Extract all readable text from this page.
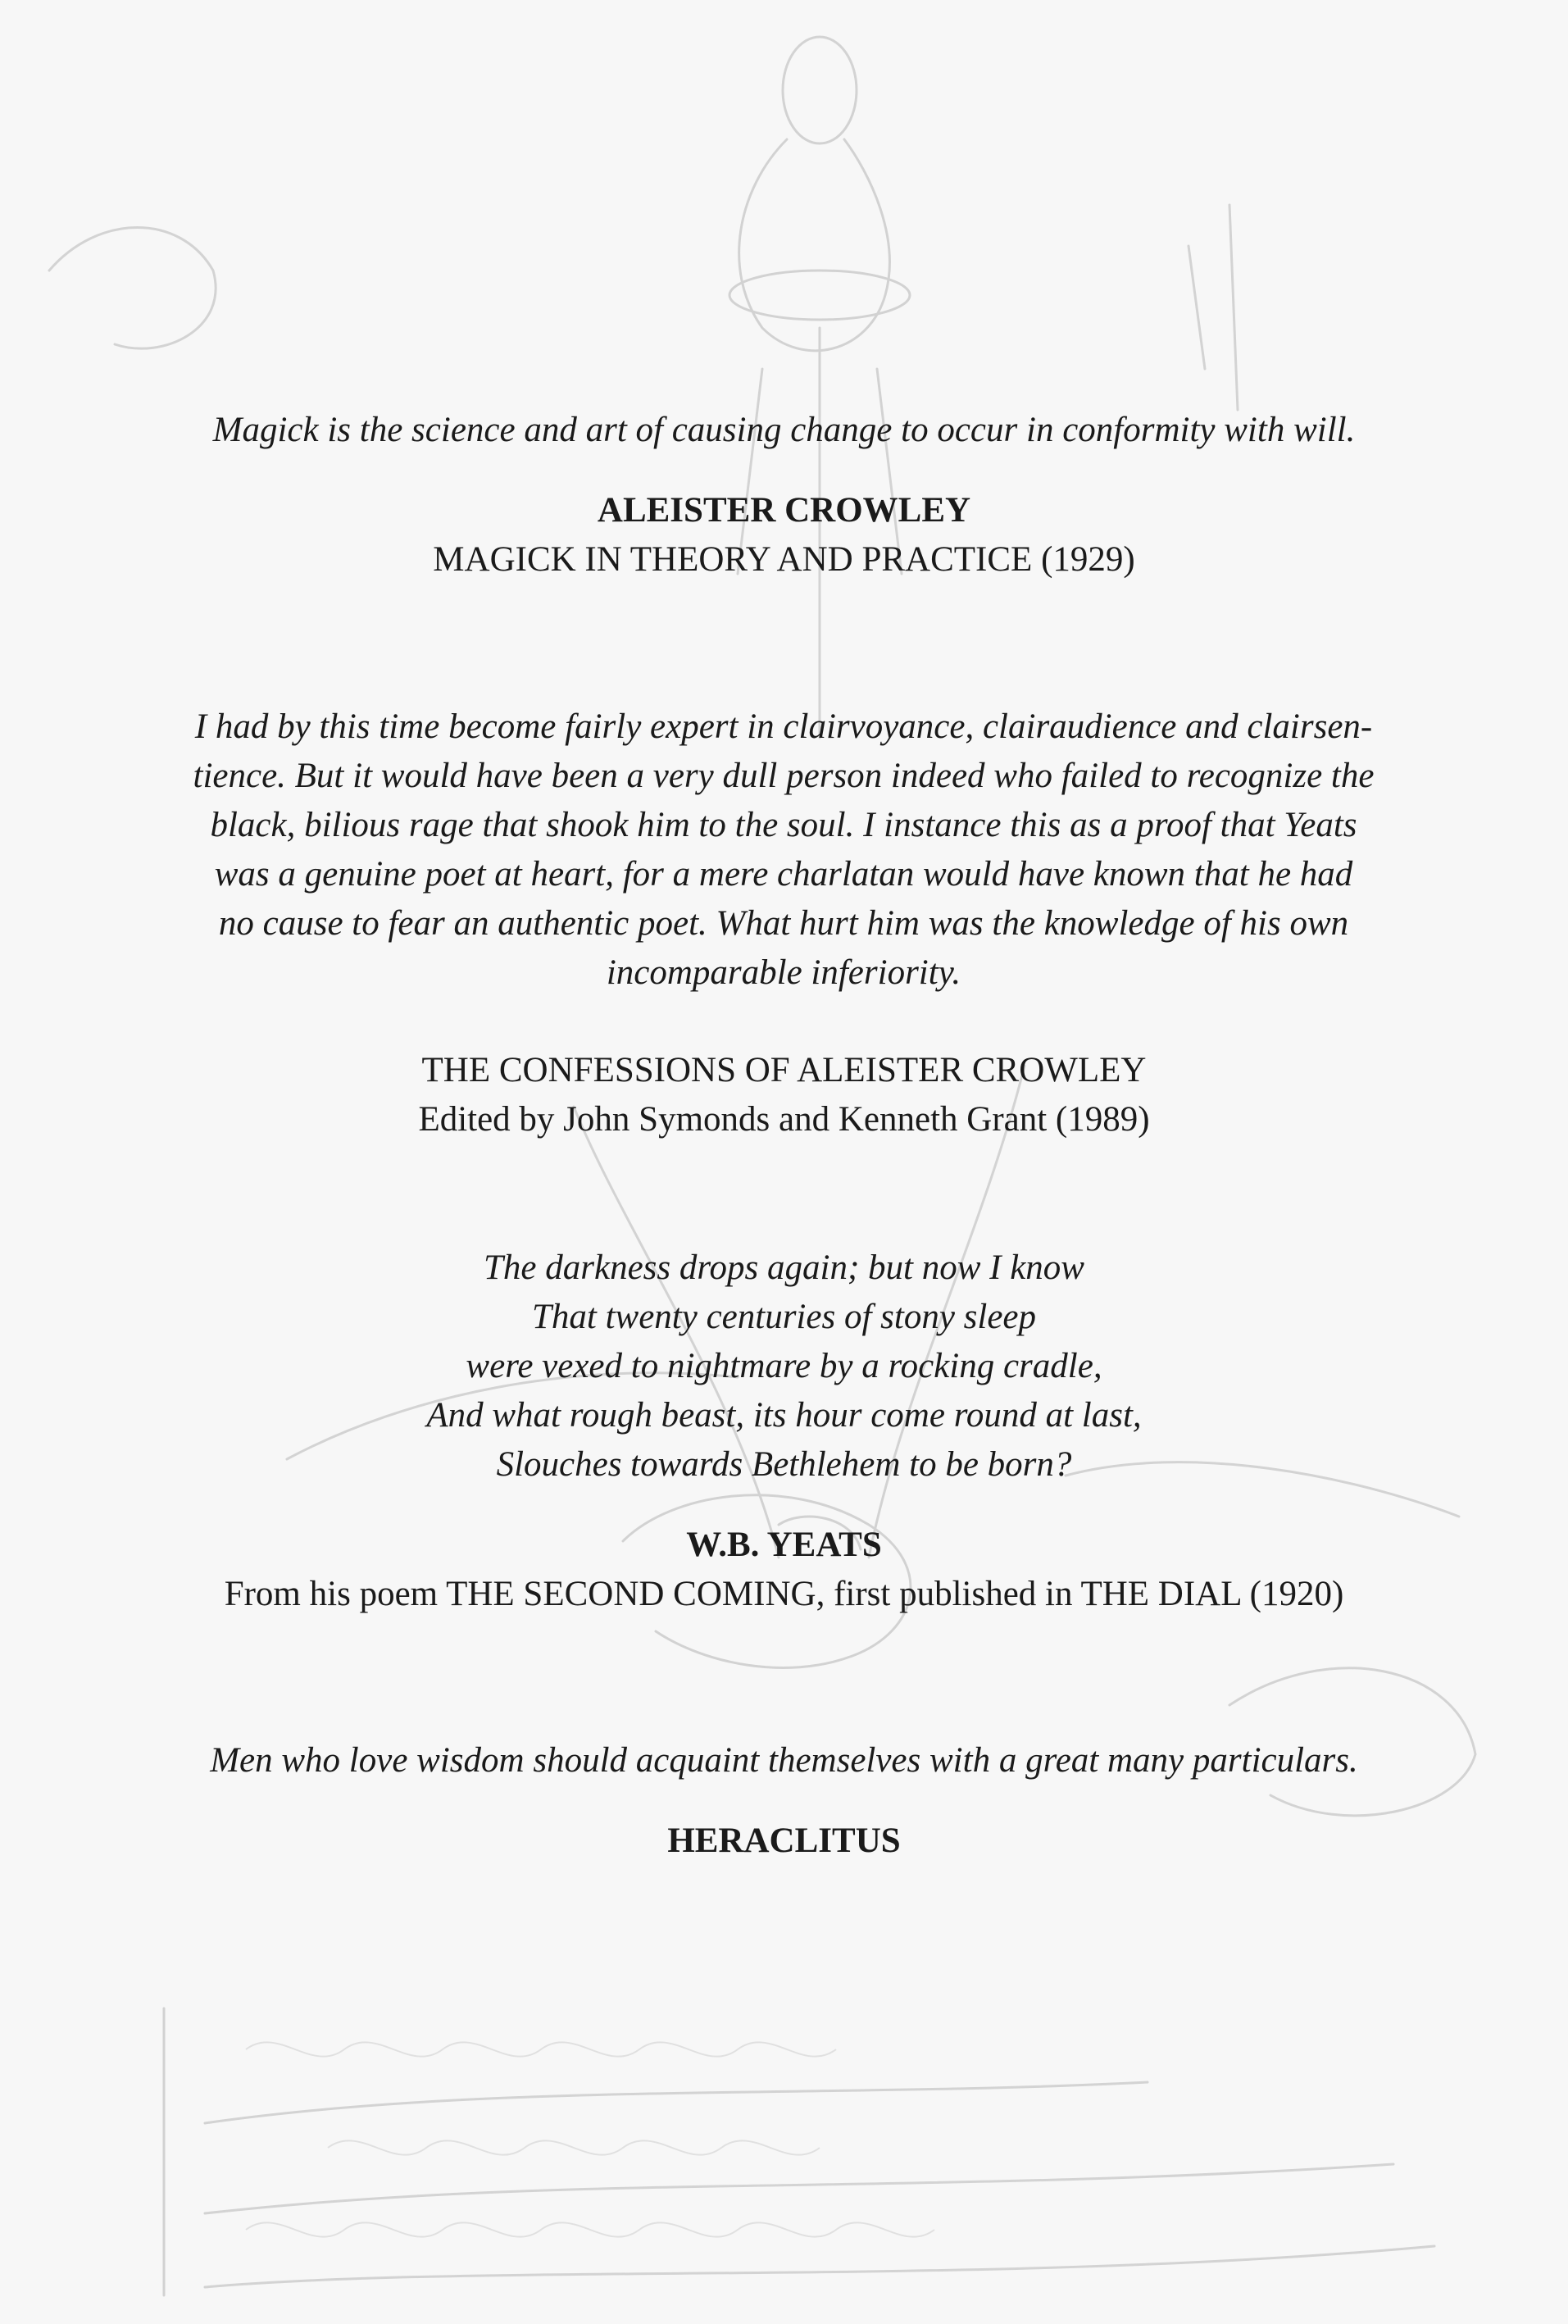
Magick is the science and art of causing change to occur in conformity with will.
ALEISTER CROWLEY
MAGICK IN THEORY AND PRACTICE (1929)
I had by this time become fairly expert in clairvoyance, clairaudience and clairsen-
tience. But it would have been a very dull person indeed who failed to recognize the
black, bilious rage that shook him to the soul. I instance this as a proof that Yeats
was a genuine poet at heart, for a mere charlatan would have known that he had
no cause to fear an authentic poet. What hurt him was the knowledge of his own
incomparable inferiority.
THE CONFESSIONS OF ALEISTER CROWLEY
Edited by John Symonds and Kenneth Grant (1989)
The darkness drops again; but now I know
That twenty centuries of stony sleep
were vexed to nightmare by a rocking cradle,
And what rough beast, its hour come round at last,
Slouches towards Bethlehem to be born?
W.B. YEATS
From his poem THE SECOND COMING, first published in THE DIAL (1920)
Men who love wisdom should acquaint themselves with a great many particulars.
HERACLITUS
